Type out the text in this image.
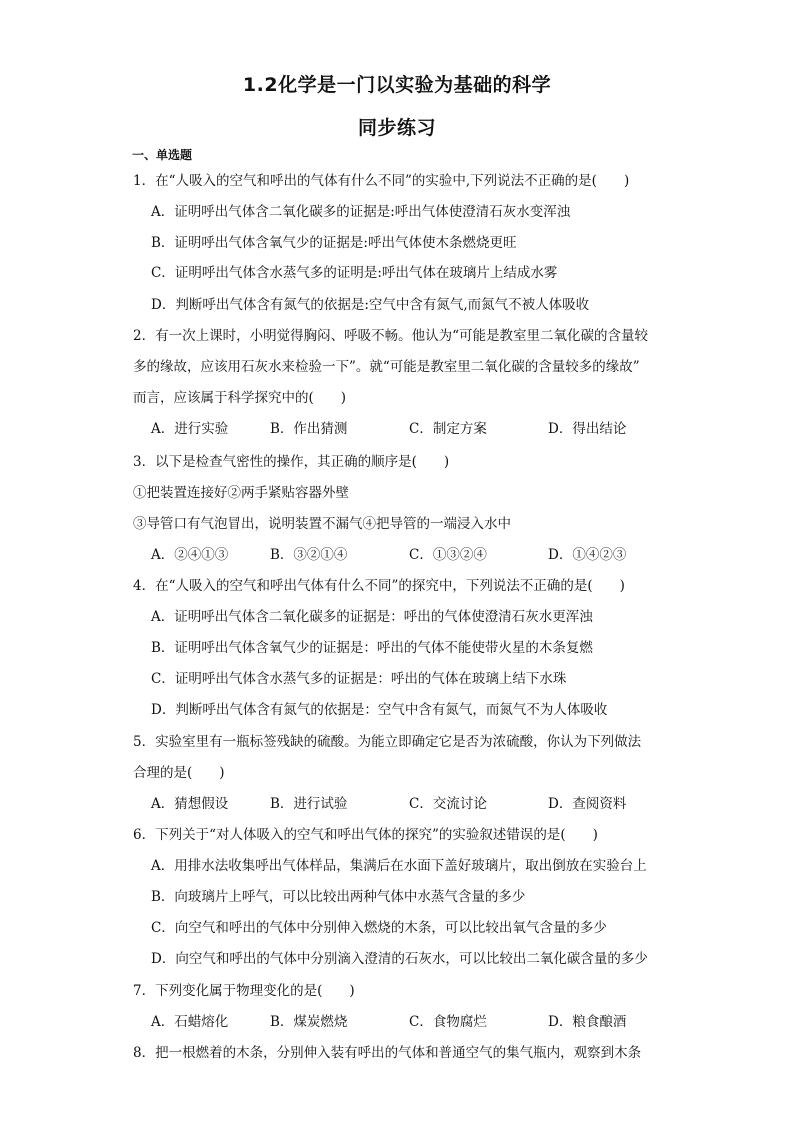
1.2化学是一门以实验为基础的科学
同步练习
一、单选题
1．在“人吸入的空气和呼出的气体有什么不同”的实验中,下列说法不正确的是(　　)
A．证明呼出气体含二氧化碳多的证据是:呼出气体使澄清石灰水变浑浊
B．证明呼出气体含氧气少的证据是:呼出气体使木条燃烧更旺
C．证明呼出气体含水蒸气多的证明是:呼出气体在玻璃片上结成水雾
D．判断呼出气体含有氮气的依据是:空气中含有氮气,而氮气不被人体吸收
2．有一次上课时，小明觉得胸闷、呼吸不畅。他认为“可能是教室里二氧化碳的含量较
多的缘故，应该用石灰水来检验一下”。就“可能是教室里二氧化碳的含量较多的缘故”
而言，应该属于科学探究中的(　　)
A．进行实验	B．作出猜测	C．制定方案	D．得出结论
3．以下是检查气密性的操作，其正确的顺序是(　　)
①把装置连接好②两手紧贴容器外壁
③导管口有气泡冒出，说明装置不漏气④把导管的一端浸入水中
A．②④①③	B．③②①④	C．①③②④	D．①④②③
4．在“人吸入的空气和呼出气体有什么不同”的探究中，下列说法不正确的是(　　)
A．证明呼出气体含二氧化碳多的证据是：呼出的气体使澄清石灰水更浑浊
B．证明呼出气体含氧气少的证据是：呼出的气体不能使带火星的木条复燃
C．证明呼出气体含水蒸气多的证据是：呼出的气体在玻璃上结下水珠
D．判断呼出气体含有氮气的依据是：空气中含有氮气，而氮气不为人体吸收
5．实验室里有一瓶标签残缺的硫酸。为能立即确定它是否为浓硫酸，你认为下列做法
合理的是(　　)
A．猜想假设	B．进行试验	C．交流讨论	D．查阅资料
6．下列关于“对人体吸入的空气和呼出气体的探究”的实验叙述错误的是(　　)
A．用排水法收集呼出气体样品，集满后在水面下盖好玻璃片，取出倒放在实验台上
B．向玻璃片上呼气，可以比较出两种气体中水蒸气含量的多少
C．向空气和呼出的气体中分别伸入燃烧的木条，可以比较出氧气含量的多少
D．向空气和呼出的气体中分别滴入澄清的石灰水，可以比较出二氧化碳含量的多少
7．下列变化属于物理变化的是(　　)
A．石蜡熔化	B．煤炭燃烧	C．食物腐烂	D．粮食酿酒
8．把一根燃着的木条，分别伸入装有呼出的气体和普通空气的集气瓶内，观察到木条
